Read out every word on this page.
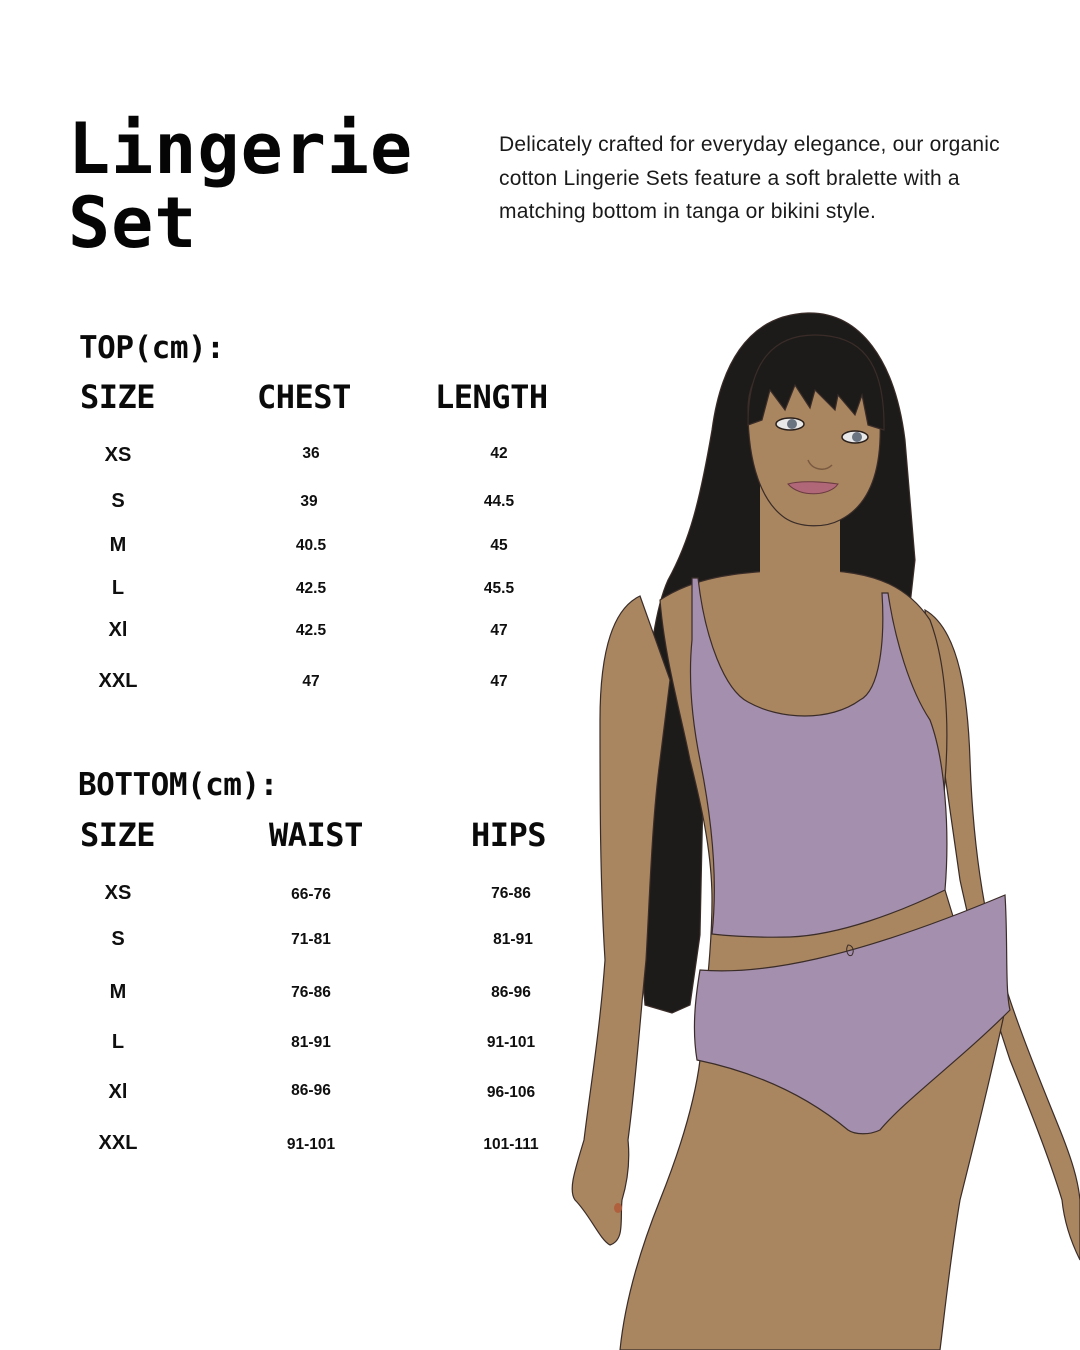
Lingerie
Set

Delicately crafted for everyday elegance, our organic cotton Lingerie Sets feature a soft bralette with a matching bottom in tanga or bikini style.

TOP(cm):
SIZE	CHEST	LENGTH
XS	36	42
S	39	44.5
M	40.5	45
L	42.5	45.5
Xl	42.5	47
XXL	47	47
BOTTOM(cm):
SIZE	WAIST	HIPS
XS	66-76	76-86
S	71-81	81-91
M	76-86	86-96
L	81-91	91-101
Xl	86-96	96-106
XXL	91-101	101-111
